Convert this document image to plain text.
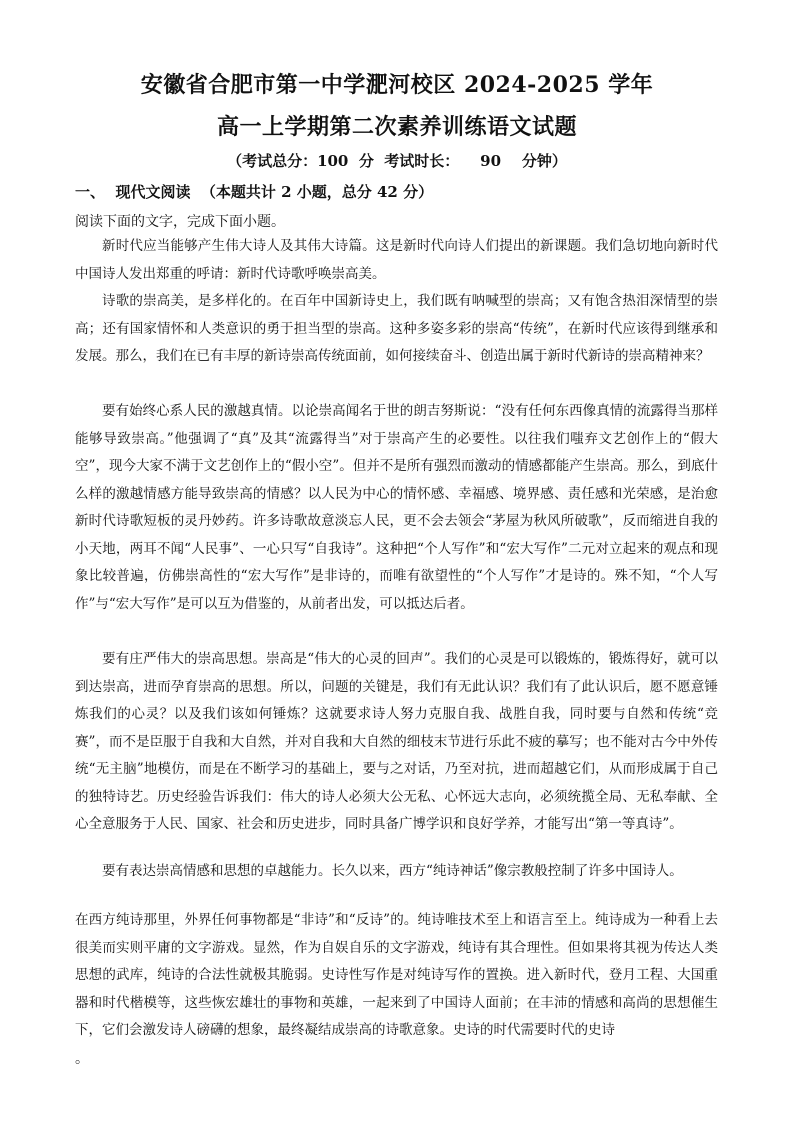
安徽省合肥市第一中学淝河校区 2024-2025 学年
高一上学期第二次素养训练语文试题
（考试总分：100  分  考试时长：    90    分钟）
一、  现代文阅读  （本题共计 2 小题，总分 42 分）
阅读下面的文字，完成下面小题。

新时代应当能够产生伟大诗人及其伟大诗篇。这是新时代向诗人们提出的新课题。我们急切地向新时代中国诗人发出郑重的呼请：新时代诗歌呼唤崇高美。

诗歌的崇高美，是多样化的。在百年中国新诗史上，我们既有呐喊型的崇高；又有饱含热泪深情型的崇高；还有国家情怀和人类意识的勇于担当型的崇高。这种多姿多彩的崇高“传统”，在新时代应该得到继承和发展。那么，我们在已有丰厚的新诗崇高传统面前，如何接续奋斗、创造出属于新时代新诗的崇高精神来？

要有始终心系人民的激越真情。以论崇高闻名于世的朗吉努斯说：“没有任何东西像真情的流露得当那样能够导致崇高。”他强调了“真”及其“流露得当”对于崇高产生的必要性。以往我们嗤弃文艺创作上的“假大空”，现今大家不满于文艺创作上的“假小空”。但并不是所有强烈而激动的情感都能产生崇高。那么，到底什么样的激越情感方能导致崇高的情感？以人民为中心的情怀感、幸福感、境界感、责任感和光荣感，是治愈新时代诗歌短板的灵丹妙药。许多诗歌故意淡忘人民，更不会去领会“茅屋为秋风所破歌”，反而缩进自我的小天地，两耳不闻“人民事”、一心只写“自我诗”。这种把“个人写作”和“宏大写作”二元对立起来的观点和现象比较普遍，仿佛崇高性的“宏大写作”是非诗的，而唯有欲望性的“个人写作”才是诗的。殊不知，“个人写作”与“宏大写作”是可以互为借鉴的，从前者出发，可以抵达后者。

要有庄严伟大的崇高思想。崇高是“伟大的心灵的回声”。我们的心灵是可以锻炼的，锻炼得好，就可以到达崇高，进而孕育崇高的思想。所以，问题的关键是，我们有无此认识？我们有了此认识后，愿不愿意锤炼我们的心灵？以及我们该如何锤炼？这就要求诗人努力克服自我、战胜自我，同时要与自然和传统“竞赛”，而不是臣服于自我和大自然，并对自我和大自然的细枝末节进行乐此不疲的摹写；也不能对古今中外传统“无主脑”地模仿，而是在不断学习的基础上，要与之对话，乃至对抗，进而超越它们，从而形成属于自己的独特诗艺。历史经验告诉我们：伟大的诗人必须大公无私、心怀远大志向，必须统揽全局、无私奉献、全心全意服务于人民、国家、社会和历史进步，同时具备广博学识和良好学养，才能写出“第一等真诗”。

要有表达崇高情感和思想的卓越能力。长久以来，西方“纯诗神话”像宗教般控制了许多中国诗人。

在西方纯诗那里，外界任何事物都是“非诗”和“反诗”的。纯诗唯技术至上和语言至上。纯诗成为一种看上去很美而实则平庸的文字游戏。显然，作为自娱自乐的文字游戏，纯诗有其合理性。但如果将其视为传达人类思想的武库，纯诗的合法性就极其脆弱。史诗性写作是对纯诗写作的置换。进入新时代，登月工程、大国重器和时代楷模等，这些恢宏雄壮的事物和英雄，一起来到了中国诗人面前；在丰沛的情感和高尚的思想催生下，它们会激发诗人磅礴的想象，最终凝结成崇高的诗歌意象。史诗的时代需要时代的史诗

。
